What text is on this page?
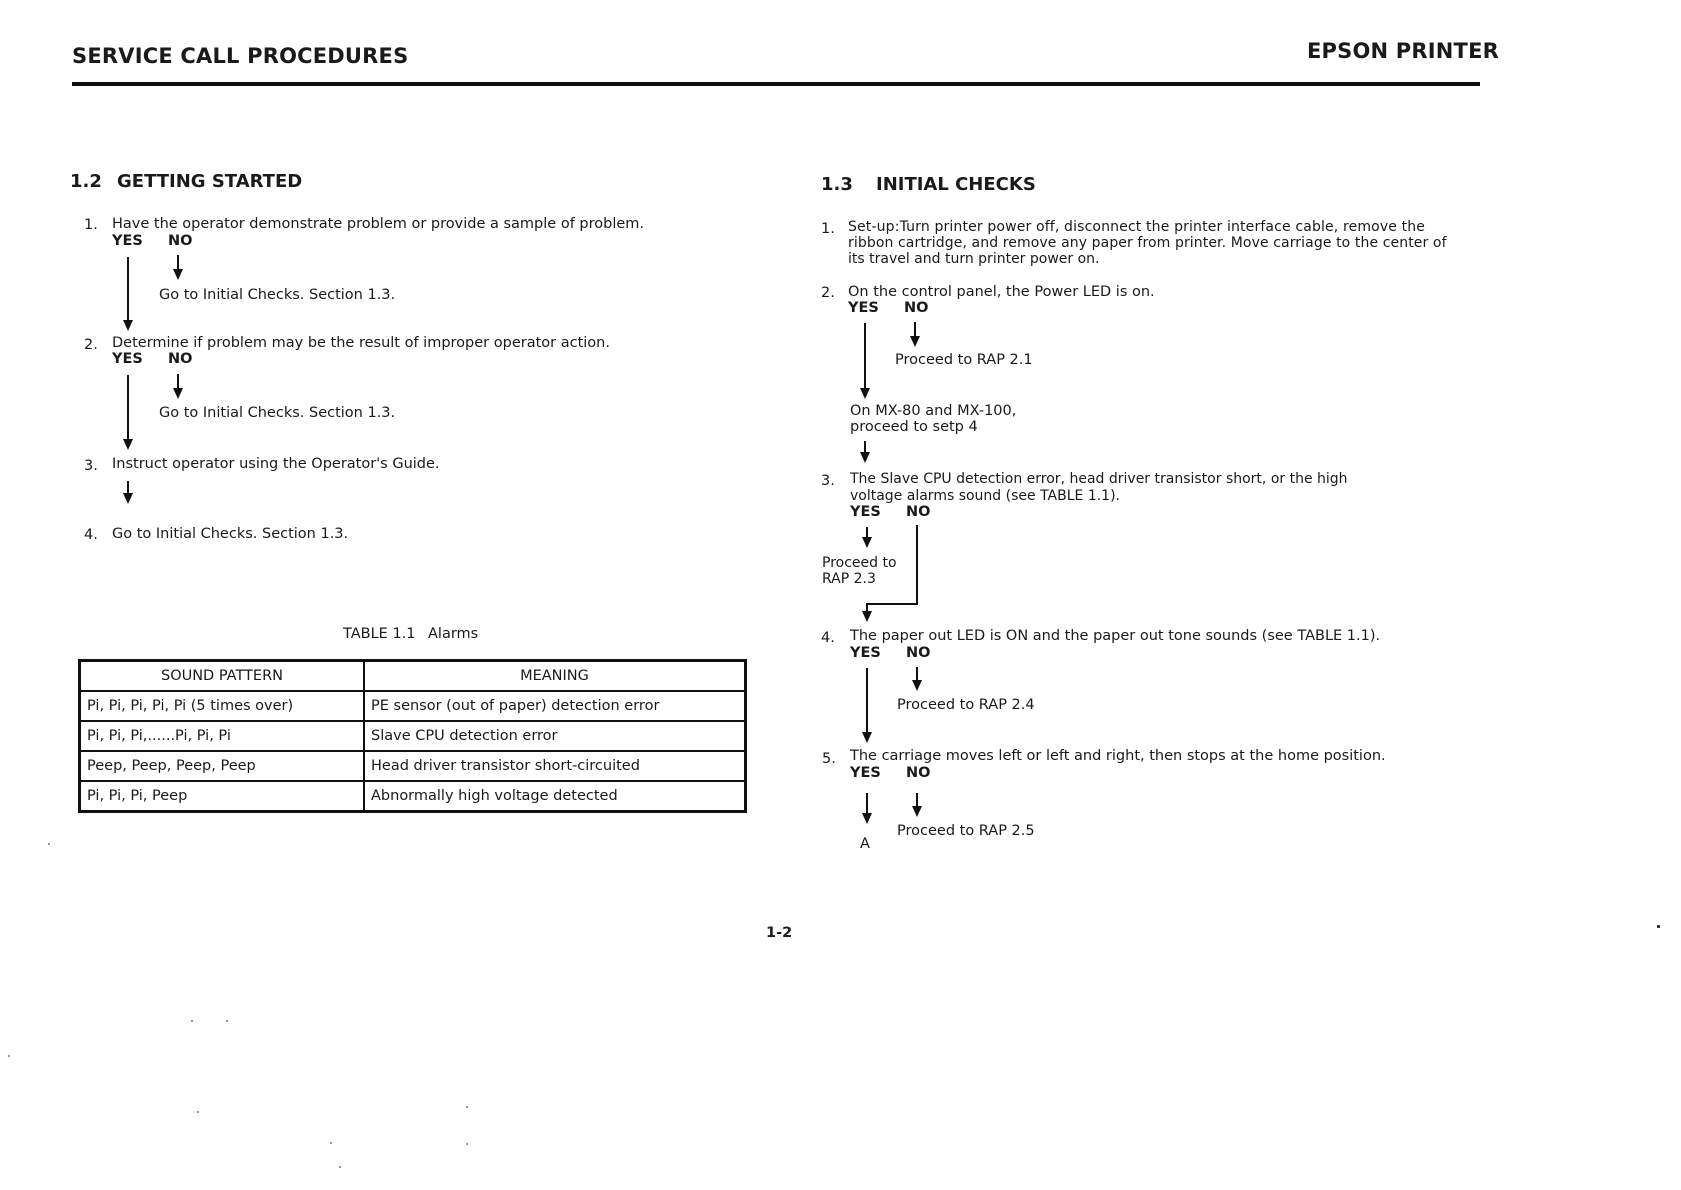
SERVICE CALL PROCEDURES	EPSON PRINTER
1.2 GETTING STARTED
1. Have the operator demonstrate problem or provide a sample of problem.
YES NO
Go to Initial Checks. Section 1.3.
2. Determine if problem may be the result of improper operator action.
YES NO
Go to Initial Checks. Section 1.3.
3. Instruct operator using the Operator's Guide.
4. Go to Initial Checks. Section 1.3.
TABLE 1.1 Alarms
SOUND PATTERN	MEANING
Pi, Pi, Pi, Pi, Pi (5 times over)	PE sensor (out of paper) detection error
Pi, Pi, Pi,......Pi, Pi, Pi	Slave CPU detection error
Peep, Peep, Peep, Peep	Head driver transistor short-circuited
Pi, Pi, Pi, Peep	Abnormally high voltage detected
1.3 INITIAL CHECKS
1. Set-up:Turn printer power off, disconnect the printer interface cable, remove the
ribbon cartridge, and remove any paper from printer. Move carriage to the center of
its travel and turn printer power on.
2. On the control panel, the Power LED is on.
YES NO
Proceed to RAP 2.1
On MX-80 and MX-100,
proceed to setp 4
3. The Slave CPU detection error, head driver transistor short, or the high
voltage alarms sound (see TABLE 1.1).
YES NO
Proceed to
RAP 2.3
4. The paper out LED is ON and the paper out tone sounds (see TABLE 1.1).
YES NO
Proceed to RAP 2.4
5. The carriage moves left or left and right, then stops at the home position.
YES NO
Proceed to RAP 2.5
A
1-2
